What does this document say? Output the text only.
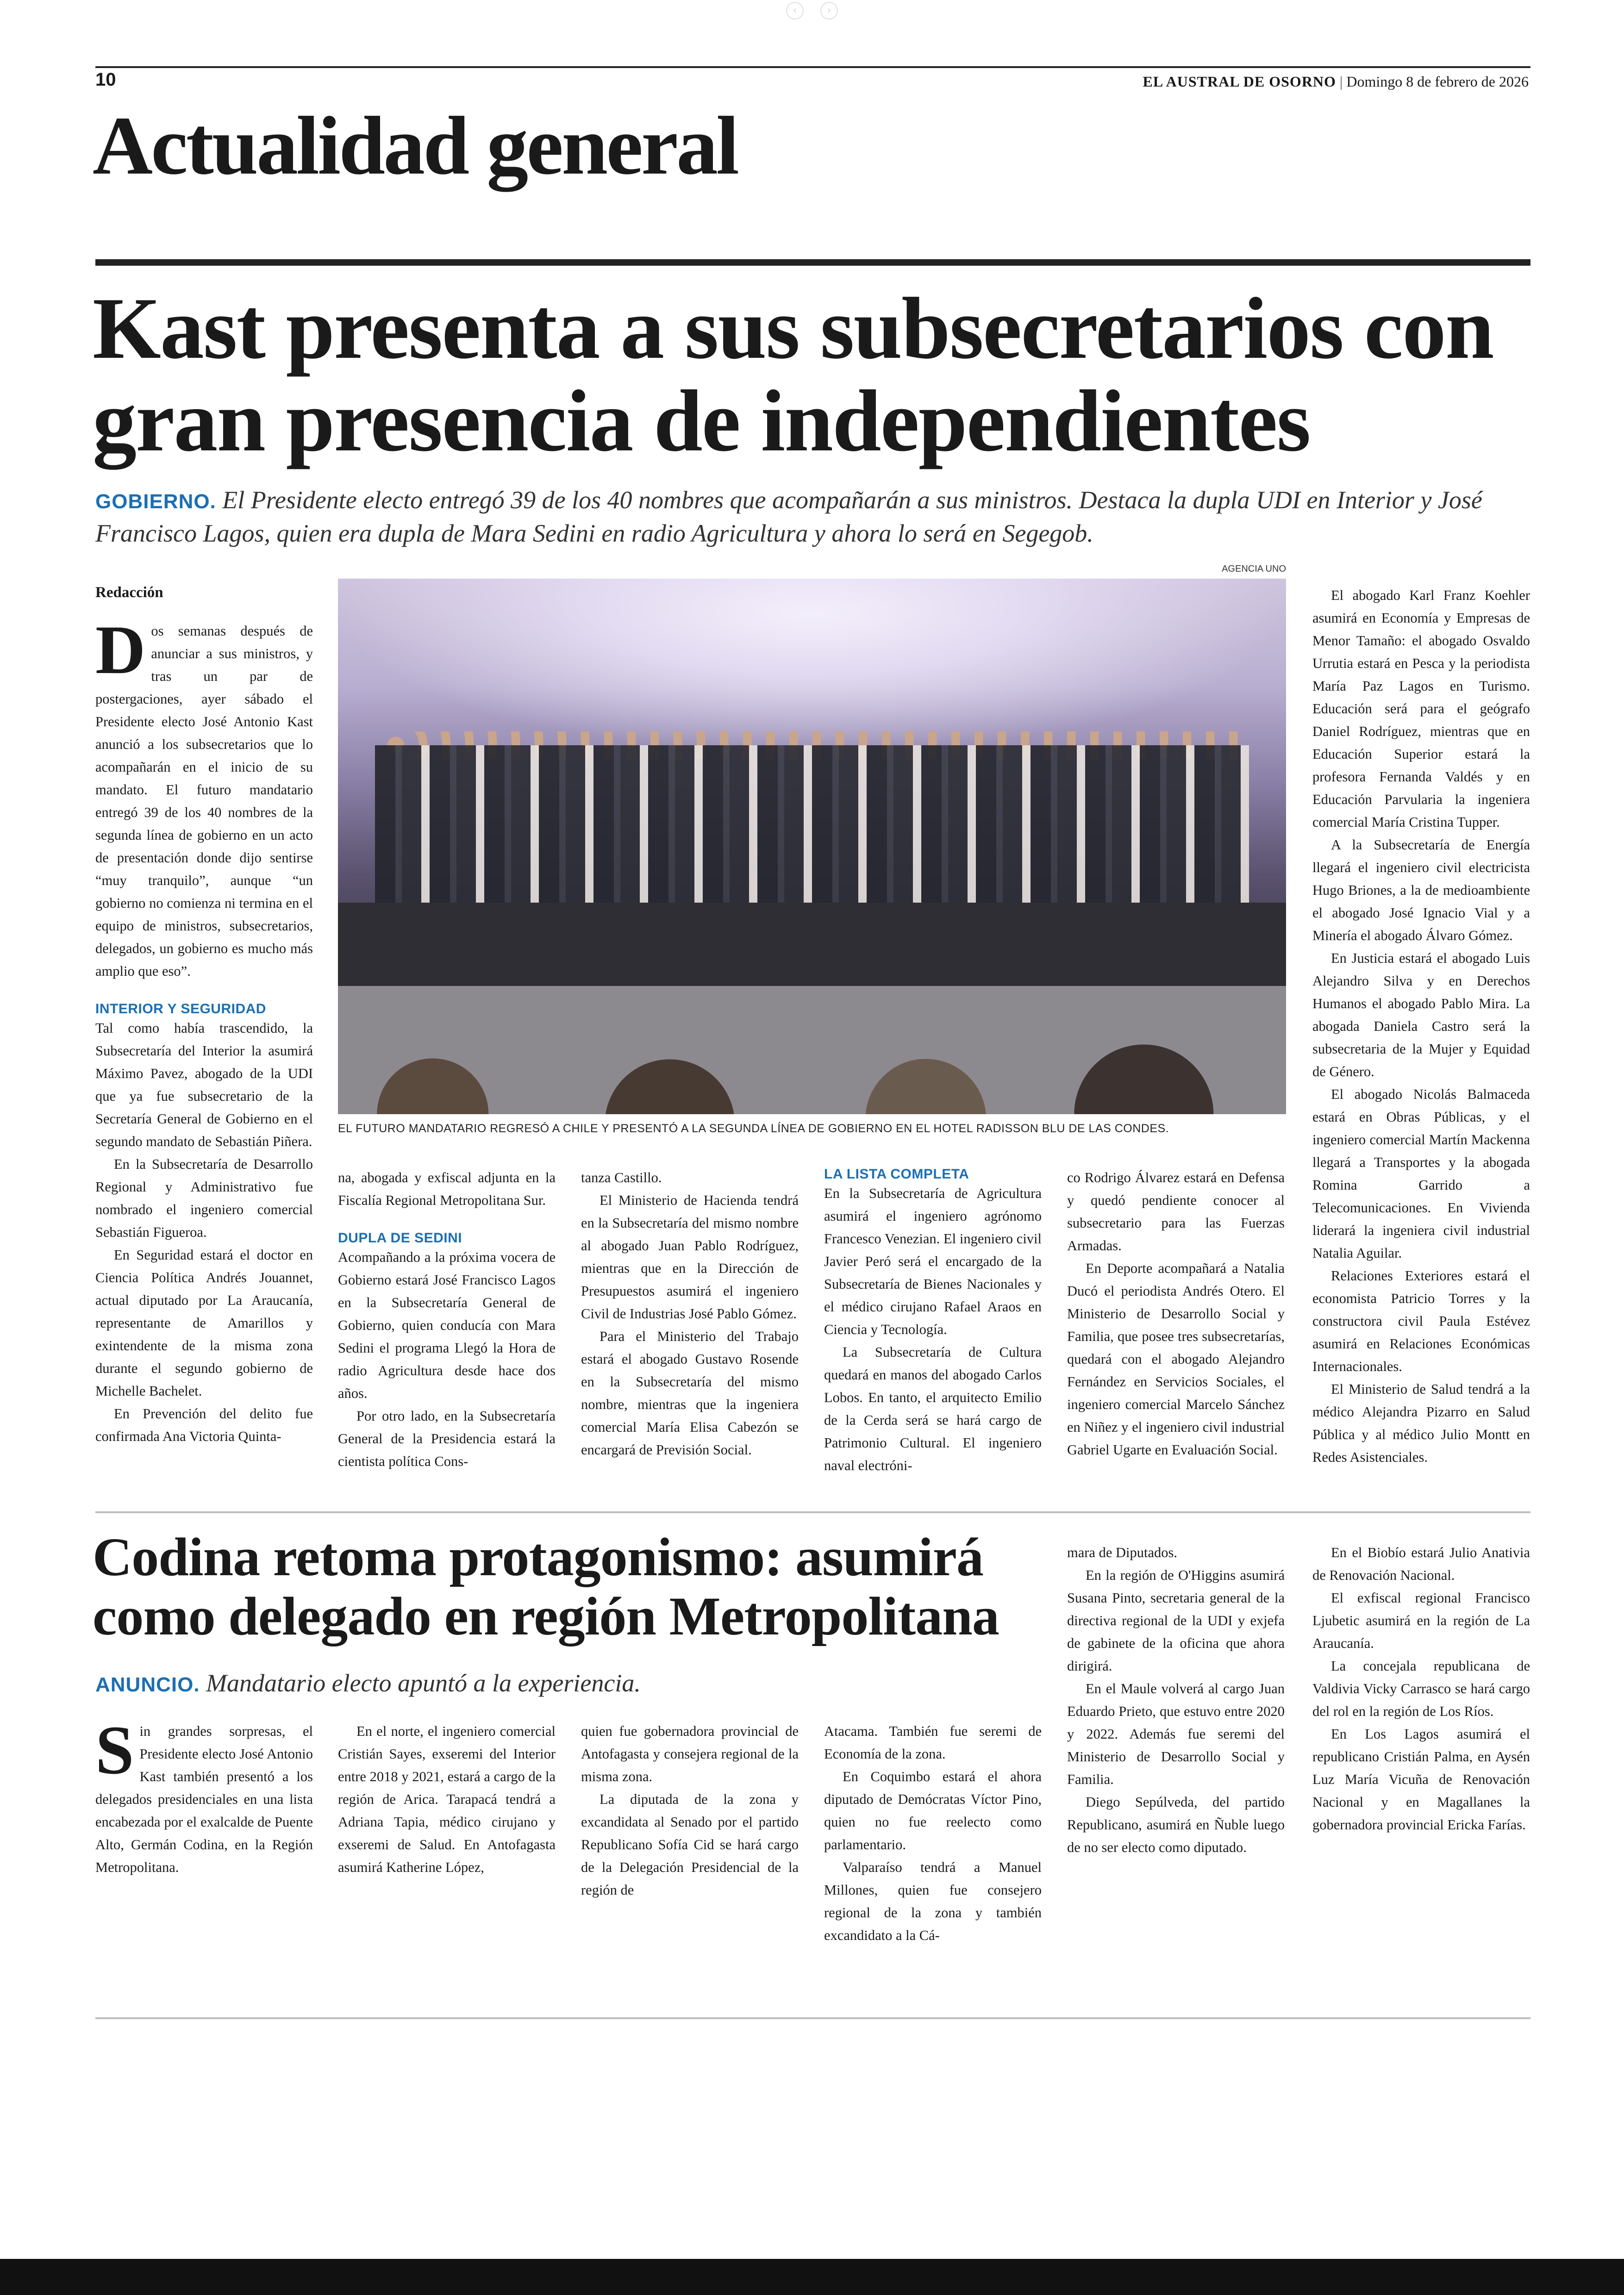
‹	›
10	EL AUSTRAL DE OSORNO | Domingo 8 de febrero de 2026
Actualidad general
Kast presenta a sus subsecretarios con
gran presencia de independientes
GOBIERNO. El Presidente electo entregó 39 de los 40 nombres que acompañarán a sus ministros. Destaca la dupla UDI en Interior y José Francisco Lagos, quien era dupla de Mara Sedini en radio Agricultura y ahora lo será en Segegob.
Redacción

Dos semanas después de anunciar a sus ministros, y tras un par de postergaciones, ayer sábado el Presidente electo José Antonio Kast anunció a los subsecretarios que lo acompañarán en el inicio de su mandato. El futuro mandatario entregó 39 de los 40 nombres de la segunda línea de gobierno en un acto de presentación donde dijo sentirse “muy tranquilo”, aunque “un gobierno no comienza ni termina en el equipo de ministros, subsecretarios, delegados, un gobierno es mucho más amplio que eso”.

INTERIOR Y SEGURIDAD

Tal como había trascendido, la Subsecretaría del Interior la asumirá Máximo Pavez, abogado de la UDI que ya fue subsecretario de la Secretaría General de Gobierno en el segundo mandato de Sebastián Piñera.

En la Subsecretaría de Desarrollo Regional y Administrativo fue nombrado el ingeniero comercial Sebastián Figueroa.

En Seguridad estará el doctor en Ciencia Política Andrés Jouannet, actual diputado por La Araucanía, representante de Amarillos y exintendente de la misma zona durante el segundo gobierno de Michelle Bachelet.

En Prevención del delito fue confirmada Ana Victoria Quinta-

AGENCIA UNO
EL FUTURO MANDATARIO REGRESÓ A CHILE Y PRESENTÓ A LA SEGUNDA LÍNEA DE GOBIERNO EN EL HOTEL RADISSON BLU DE LAS CONDES.

na, abogada y exfiscal adjunta en la Fiscalía Regional Metropolitana Sur.

DUPLA DE SEDINI

Acompañando a la próxima vocera de Gobierno estará José Francisco Lagos en la Subsecretaría General de Gobierno, quien conducía con Mara Sedini el programa Llegó la Hora de radio Agricultura desde hace dos años.

Por otro lado, en la Subsecretaría General de la Presidencia estará la cientista política Cons-

tanza Castillo.

El Ministerio de Hacienda tendrá en la Subsecretaría del mismo nombre al abogado Juan Pablo Rodríguez, mientras que en la Dirección de Presupuestos asumirá el ingeniero Civil de Industrias José Pablo Gómez.

Para el Ministerio del Trabajo estará el abogado Gustavo Rosende en la Subsecretaría del mismo nombre, mientras que la ingeniera comercial María Elisa Cabezón se encargará de Previsión Social.

LA LISTA COMPLETA

En la Subsecretaría de Agricultura asumirá el ingeniero agrónomo Francesco Venezian. El ingeniero civil Javier Peró será el encargado de la Subsecretaría de Bienes Nacionales y el médico cirujano Rafael Araos en Ciencia y Tecnología.

La Subsecretaría de Cultura quedará en manos del abogado Carlos Lobos. En tanto, el arquitecto Emilio de la Cerda será se hará cargo de Patrimonio Cultural. El ingeniero naval electróni-

co Rodrigo Álvarez estará en Defensa y quedó pendiente conocer al subsecretario para las Fuerzas Armadas.

En Deporte acompañará a Natalia Ducó el periodista Andrés Otero. El Ministerio de Desarrollo Social y Familia, que posee tres subsecretarías, quedará con el abogado Alejandro Fernández en Servicios Sociales, el ingeniero comercial Marcelo Sánchez en Niñez y el ingeniero civil industrial Gabriel Ugarte en Evaluación Social.

El abogado Karl Franz Koehler asumirá en Economía y Empresas de Menor Tamaño: el abogado Osvaldo Urrutia estará en Pesca y la periodista María Paz Lagos en Turismo. Educación será para el geógrafo Daniel Rodríguez, mientras que en Educación Superior estará la profesora Fernanda Valdés y en Educación Parvularia la ingeniera comercial María Cristina Tupper.

A la Subsecretaría de Energía llegará el ingeniero civil electricista Hugo Briones, a la de medioambiente el abogado José Ignacio Vial y a Minería el abogado Álvaro Gómez.

En Justicia estará el abogado Luis Alejandro Silva y en Derechos Humanos el abogado Pablo Mira. La abogada Daniela Castro será la subsecretaria de la Mujer y Equidad de Género.

El abogado Nicolás Balmaceda estará en Obras Públicas, y el ingeniero comercial Martín Mackenna llegará a Transportes y la abogada Romina Garrido a Telecomunicaciones. En Vivienda liderará la ingeniera civil industrial Natalia Aguilar.

Relaciones Exteriores estará el economista Patricio Torres y la constructora civil Paula Estévez asumirá en Relaciones Económicas Internacionales.

El Ministerio de Salud tendrá a la médico Alejandra Pizarro en Salud Pública y al médico Julio Montt en Redes Asistenciales.

Codina retoma protagonismo: asumirá
como delegado en región Metropolitana
ANUNCIO. Mandatario electo apuntó a la experiencia.

Sin grandes sorpresas, el Presidente electo José Antonio Kast también presentó a los delegados presidenciales en una lista encabezada por el exalcalde de Puente Alto, Germán Codina, en la Región Metropolitana.

En el norte, el ingeniero comercial Cristián Sayes, exseremi del Interior entre 2018 y 2021, estará a cargo de la región de Arica. Tarapacá tendrá a Adriana Tapia, médico cirujano y exseremi de Salud. En Antofagasta asumirá Katherine López,

quien fue gobernadora provincial de Antofagasta y consejera regional de la misma zona.

La diputada de la zona y excandidata al Senado por el partido Republicano Sofía Cid se hará cargo de la Delegación Presidencial de la región de

Atacama. También fue seremi de Economía de la zona.

En Coquimbo estará el ahora diputado de Demócratas Víctor Pino, quien no fue reelecto como parlamentario.

Valparaíso tendrá a Manuel Millones, quien fue consejero regional de la zona y también excandidato a la Cá-

mara de Diputados.

En la región de O'Higgins asumirá Susana Pinto, secretaria general de la directiva regional de la UDI y exjefa de gabinete de la oficina que ahora dirigirá.

En el Maule volverá al cargo Juan Eduardo Prieto, que estuvo entre 2020 y 2022. Además fue seremi del Ministerio de Desarrollo Social y Familia.

Diego Sepúlveda, del partido Republicano, asumirá en Ñuble luego de no ser electo como diputado.

En el Biobío estará Julio Anativia de Renovación Nacional.

El exfiscal regional Francisco Ljubetic asumirá en la región de La Araucanía.

La concejala republicana de Valdivia Vicky Carrasco se hará cargo del rol en la región de Los Ríos.

En Los Lagos asumirá el republicano Cristián Palma, en Aysén Luz María Vicuña de Renovación Nacional y en Magallanes la gobernadora provincial Ericka Farías.
